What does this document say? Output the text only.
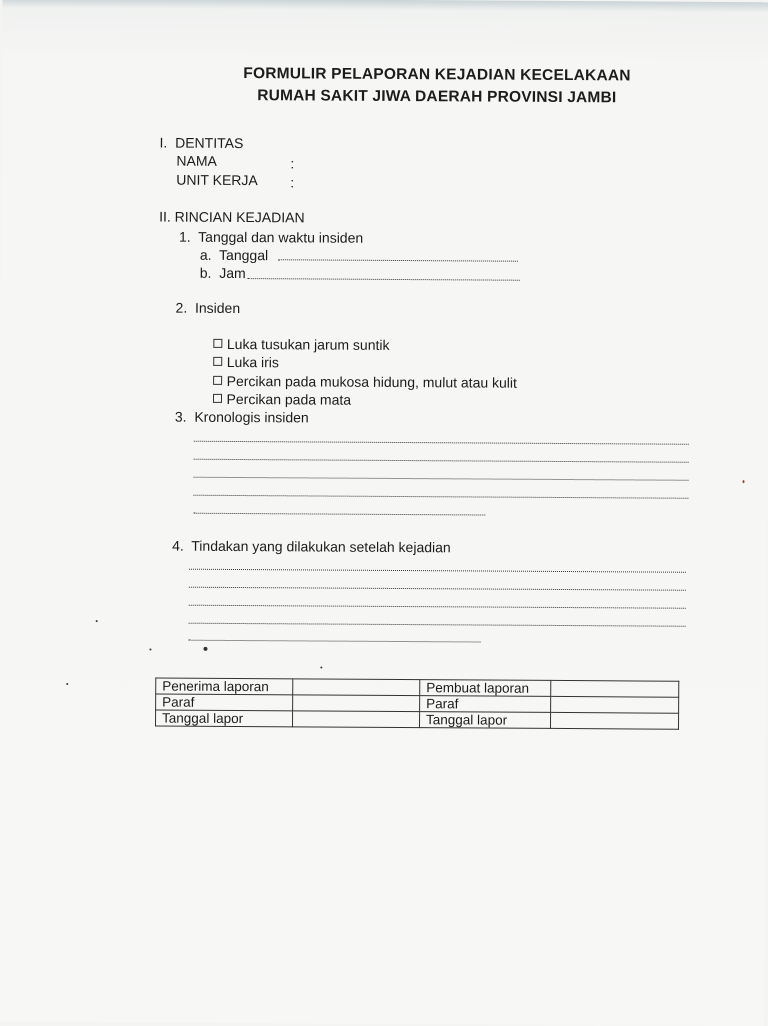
FORMULIR PELAPORAN KEJADIAN KECELAKAAN
RUMAH SAKIT JIWA DAERAH PROVINSI JAMBI
I.  DENTITAS
NAMA	:
UNIT KERJA :
II. RINCIAN KEJADIAN
1.  Tanggal dan waktu insiden
a.  Tanggal
b.  Jam
2.  Insiden

Luka tusukan jarum suntik

Luka iris

Percikan pada mukosa hidung, mulut atau kulit

Percikan pada mata

3.  Kronologis insiden
4.  Tindakan yang dilakukan setelah kejadian
Penerima laporan		Pembuat laporan	
Paraf		Paraf	
Tanggal lapor		Tanggal lapor	
